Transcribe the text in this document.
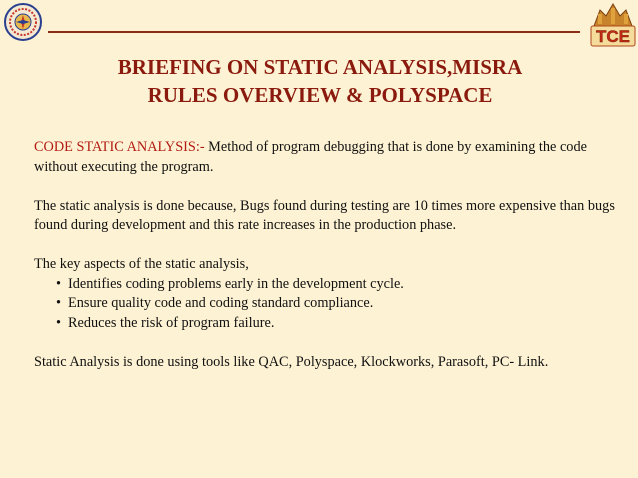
TCE
BRIEFING ON STATIC ANALYSIS,MISRA
RULES OVERVIEW & POLYSPACE

CODE STATIC ANALYSIS:- Method of program debugging that is done by examining the code without executing the program.

The static analysis is done because, Bugs found during testing are 10 times more expensive than bugs found during development and this rate increases in the production phase.

The key aspects of the static analysis,
• Identifies coding problems early in the development cycle.
• Ensure quality code and coding standard compliance.
• Reduces the risk of program failure.

Static Analysis is done using tools like QAC, Polyspace, Klockworks, Parasoft, PC- Link.
